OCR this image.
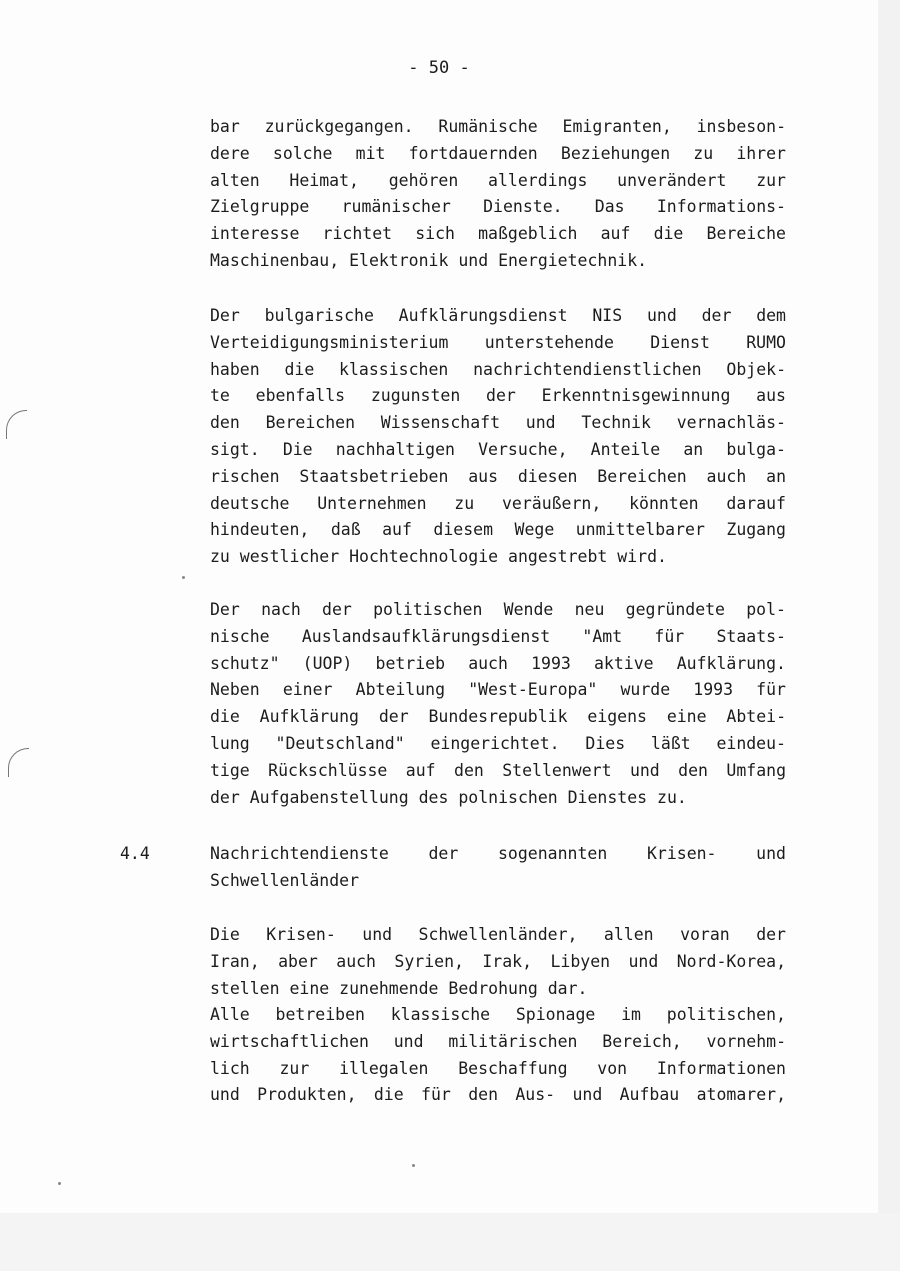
- 50 -
bar zurückgegangen. Rumänische Emigranten, insbeson-
dere solche mit fortdauernden Beziehungen zu ihrer
alten Heimat, gehören allerdings unverändert zur
Zielgruppe rumänischer Dienste. Das Informations-
interesse richtet sich maßgeblich auf die Bereiche
Maschinenbau, Elektronik und Energietechnik.
Der bulgarische Aufklärungsdienst NIS und der dem
Verteidigungsministerium unterstehende Dienst RUMO
haben die klassischen nachrichtendienstlichen Objek-
te ebenfalls zugunsten der Erkenntnisgewinnung aus
den Bereichen Wissenschaft und Technik vernachläs-
sigt. Die nachhaltigen Versuche, Anteile an bulga-
rischen Staatsbetrieben aus diesen Bereichen auch an
deutsche Unternehmen zu veräußern, könnten darauf
hindeuten, daß auf diesem Wege unmittelbarer Zugang
zu westlicher Hochtechnologie angestrebt wird.
Der nach der politischen Wende neu gegründete pol-
nische Auslandsaufklärungsdienst "Amt für Staats-
schutz" (UOP) betrieb auch 1993 aktive Aufklärung.
Neben einer Abteilung "West-Europa" wurde 1993 für
die Aufklärung der Bundesrepublik eigens eine Abtei-
lung "Deutschland" eingerichtet. Dies läßt eindeu-
tige Rückschlüsse auf den Stellenwert und den Umfang
der Aufgabenstellung des polnischen Dienstes zu.
4.4	Nachrichtendienste der sogenannten Krisen- und
Schwellenländer
Die Krisen- und Schwellenländer, allen voran der
Iran, aber auch Syrien, Irak, Libyen und Nord-Korea,
stellen eine zunehmende Bedrohung dar.
Alle betreiben klassische Spionage im politischen,
wirtschaftlichen und militärischen Bereich, vornehm-
lich zur illegalen Beschaffung von Informationen
und Produkten, die für den Aus- und Aufbau atomarer,
